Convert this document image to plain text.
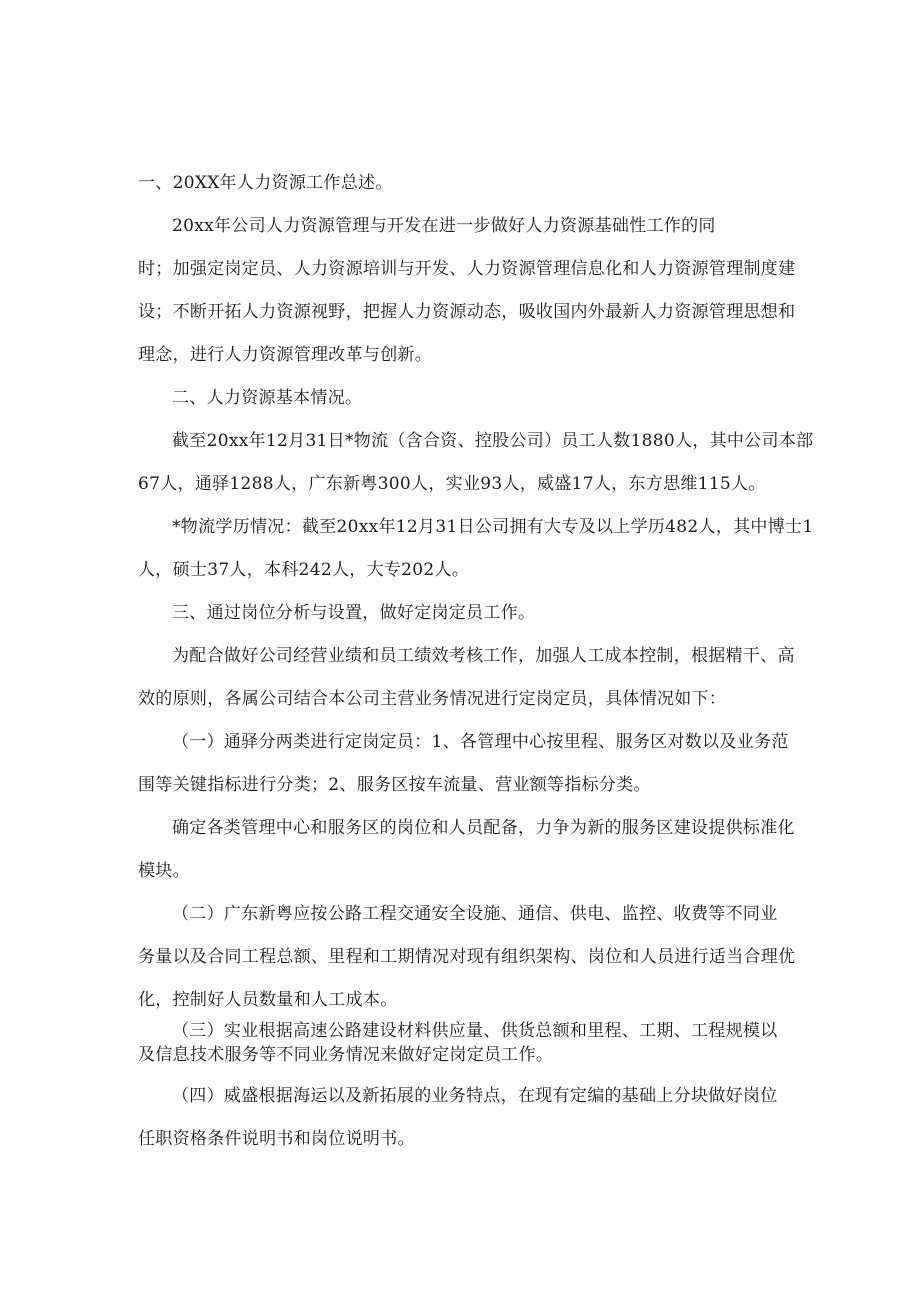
一、20XX年人力资源工作总述。
20xx年公司人力资源管理与开发在进一步做好人力资源基础性工作的同
时；加强定岗定员、人力资源培训与开发、人力资源管理信息化和人力资源管理制度建
设；不断开拓人力资源视野，把握人力资源动态，吸收国内外最新人力资源管理思想和
理念，进行人力资源管理改革与创新。
二、人力资源基本情况。
截至20xx年12月31日*物流（含合资、控股公司）员工人数1880人，其中公司本部
67人，通驿1288人，广东新粤300人，实业93人，威盛17人，东方思维115人。
*物流学历情况：截至20xx年12月31日公司拥有大专及以上学历482人，其中博士1
人，硕士37人，本科242人，大专202人。
三、通过岗位分析与设置，做好定岗定员工作。
为配合做好公司经营业绩和员工绩效考核工作，加强人工成本控制，根据精干、高
效的原则，各属公司结合本公司主营业务情况进行定岗定员，具体情况如下：
（一）通驿分两类进行定岗定员：1、各管理中心按里程、服务区对数以及业务范
围等关键指标进行分类；2、服务区按车流量、营业额等指标分类。
确定各类管理中心和服务区的岗位和人员配备，力争为新的服务区建设提供标准化
模块。
（二）广东新粤应按公路工程交通安全设施、通信、供电、监控、收费等不同业
务量以及合同工程总额、里程和工期情况对现有组织架构、岗位和人员进行适当合理优
化，控制好人员数量和人工成本。
（三）实业根据高速公路建设材料供应量、供货总额和里程、工期、工程规模以
及信息技术服务等不同业务情况来做好定岗定员工作。
（四）威盛根据海运以及新拓展的业务特点，在现有定编的基础上分块做好岗位
任职资格条件说明书和岗位说明书。
